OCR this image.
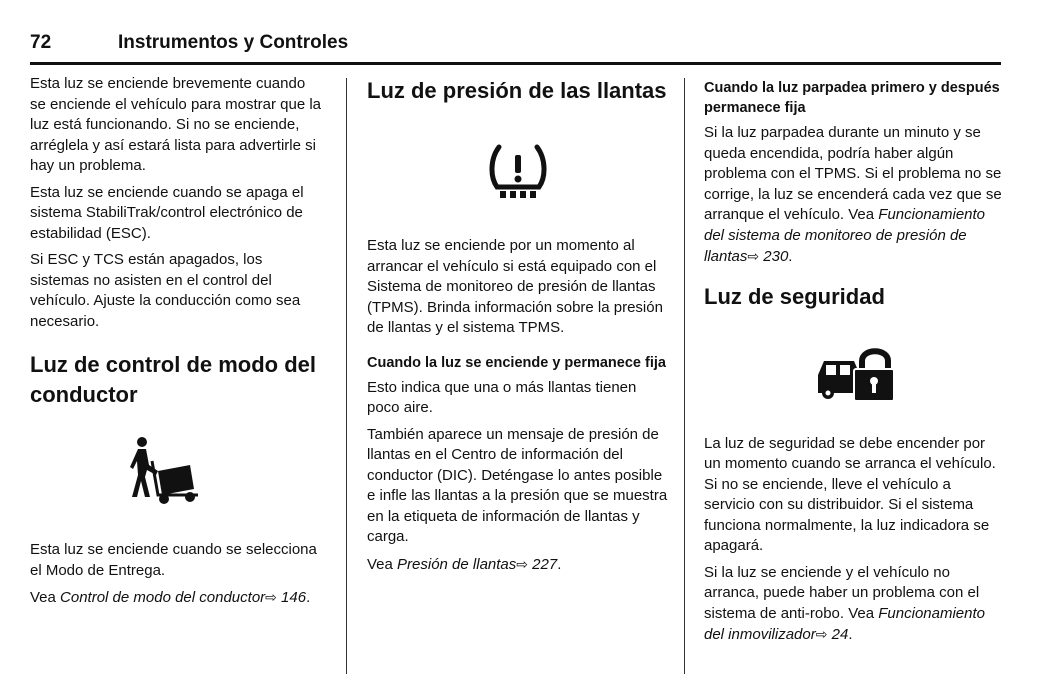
72	Instrumentos y Controles

Esta luz se enciende brevemente cuando se enciende el vehículo para mostrar que la luz está funcionando. Si no se enciende, arréglela y así estará lista para advertirle si hay un problema.

Esta luz se enciende cuando se apaga el sistema StabiliTrak/control electrónico de estabilidad (ESC).

Si ESC y TCS están apagados, los sistemas no asisten en el control del vehículo. Ajuste la conducción como sea necesario.

Luz de control de modo del conductor

Esta luz se enciende cuando se selecciona el Modo de Entrega.

Vea Control de modo del conductor⇨ 146.

Luz de presión de las llantas

Esta luz se enciende por un momento al arrancar el vehículo si está equipado con el Sistema de monitoreo de presión de llantas (TPMS). Brinda información sobre la presión de llantas y el sistema TPMS.

Cuando la luz se enciende y permanece fija

Esto indica que una o más llantas tienen poco aire.

También aparece un mensaje de presión de llantas en el Centro de información del conductor (DIC). Deténgase lo antes posible e infle las llantas a la presión que se muestra en la etiqueta de información de llantas y carga.

Vea Presión de llantas⇨ 227.

Cuando la luz parpadea primero y después permanece fija

Si la luz parpadea durante un minuto y se queda encendida, podría haber algún problema con el TPMS. Si el problema no se corrige, la luz se encenderá cada vez que se arranque el vehículo. Vea Funcionamiento del sistema de monitoreo de presión de llantas⇨ 230.

Luz de seguridad

La luz de seguridad se debe encender por un momento cuando se arranca el vehículo. Si no se enciende, lleve el vehículo a servicio con su distribuidor. Si el sistema funciona normalmente, la luz indicadora se apagará.

Si la luz se enciende y el vehículo no arranca, puede haber un problema con el sistema de anti-robo. Vea Funcionamiento del inmovilizador⇨ 24.
